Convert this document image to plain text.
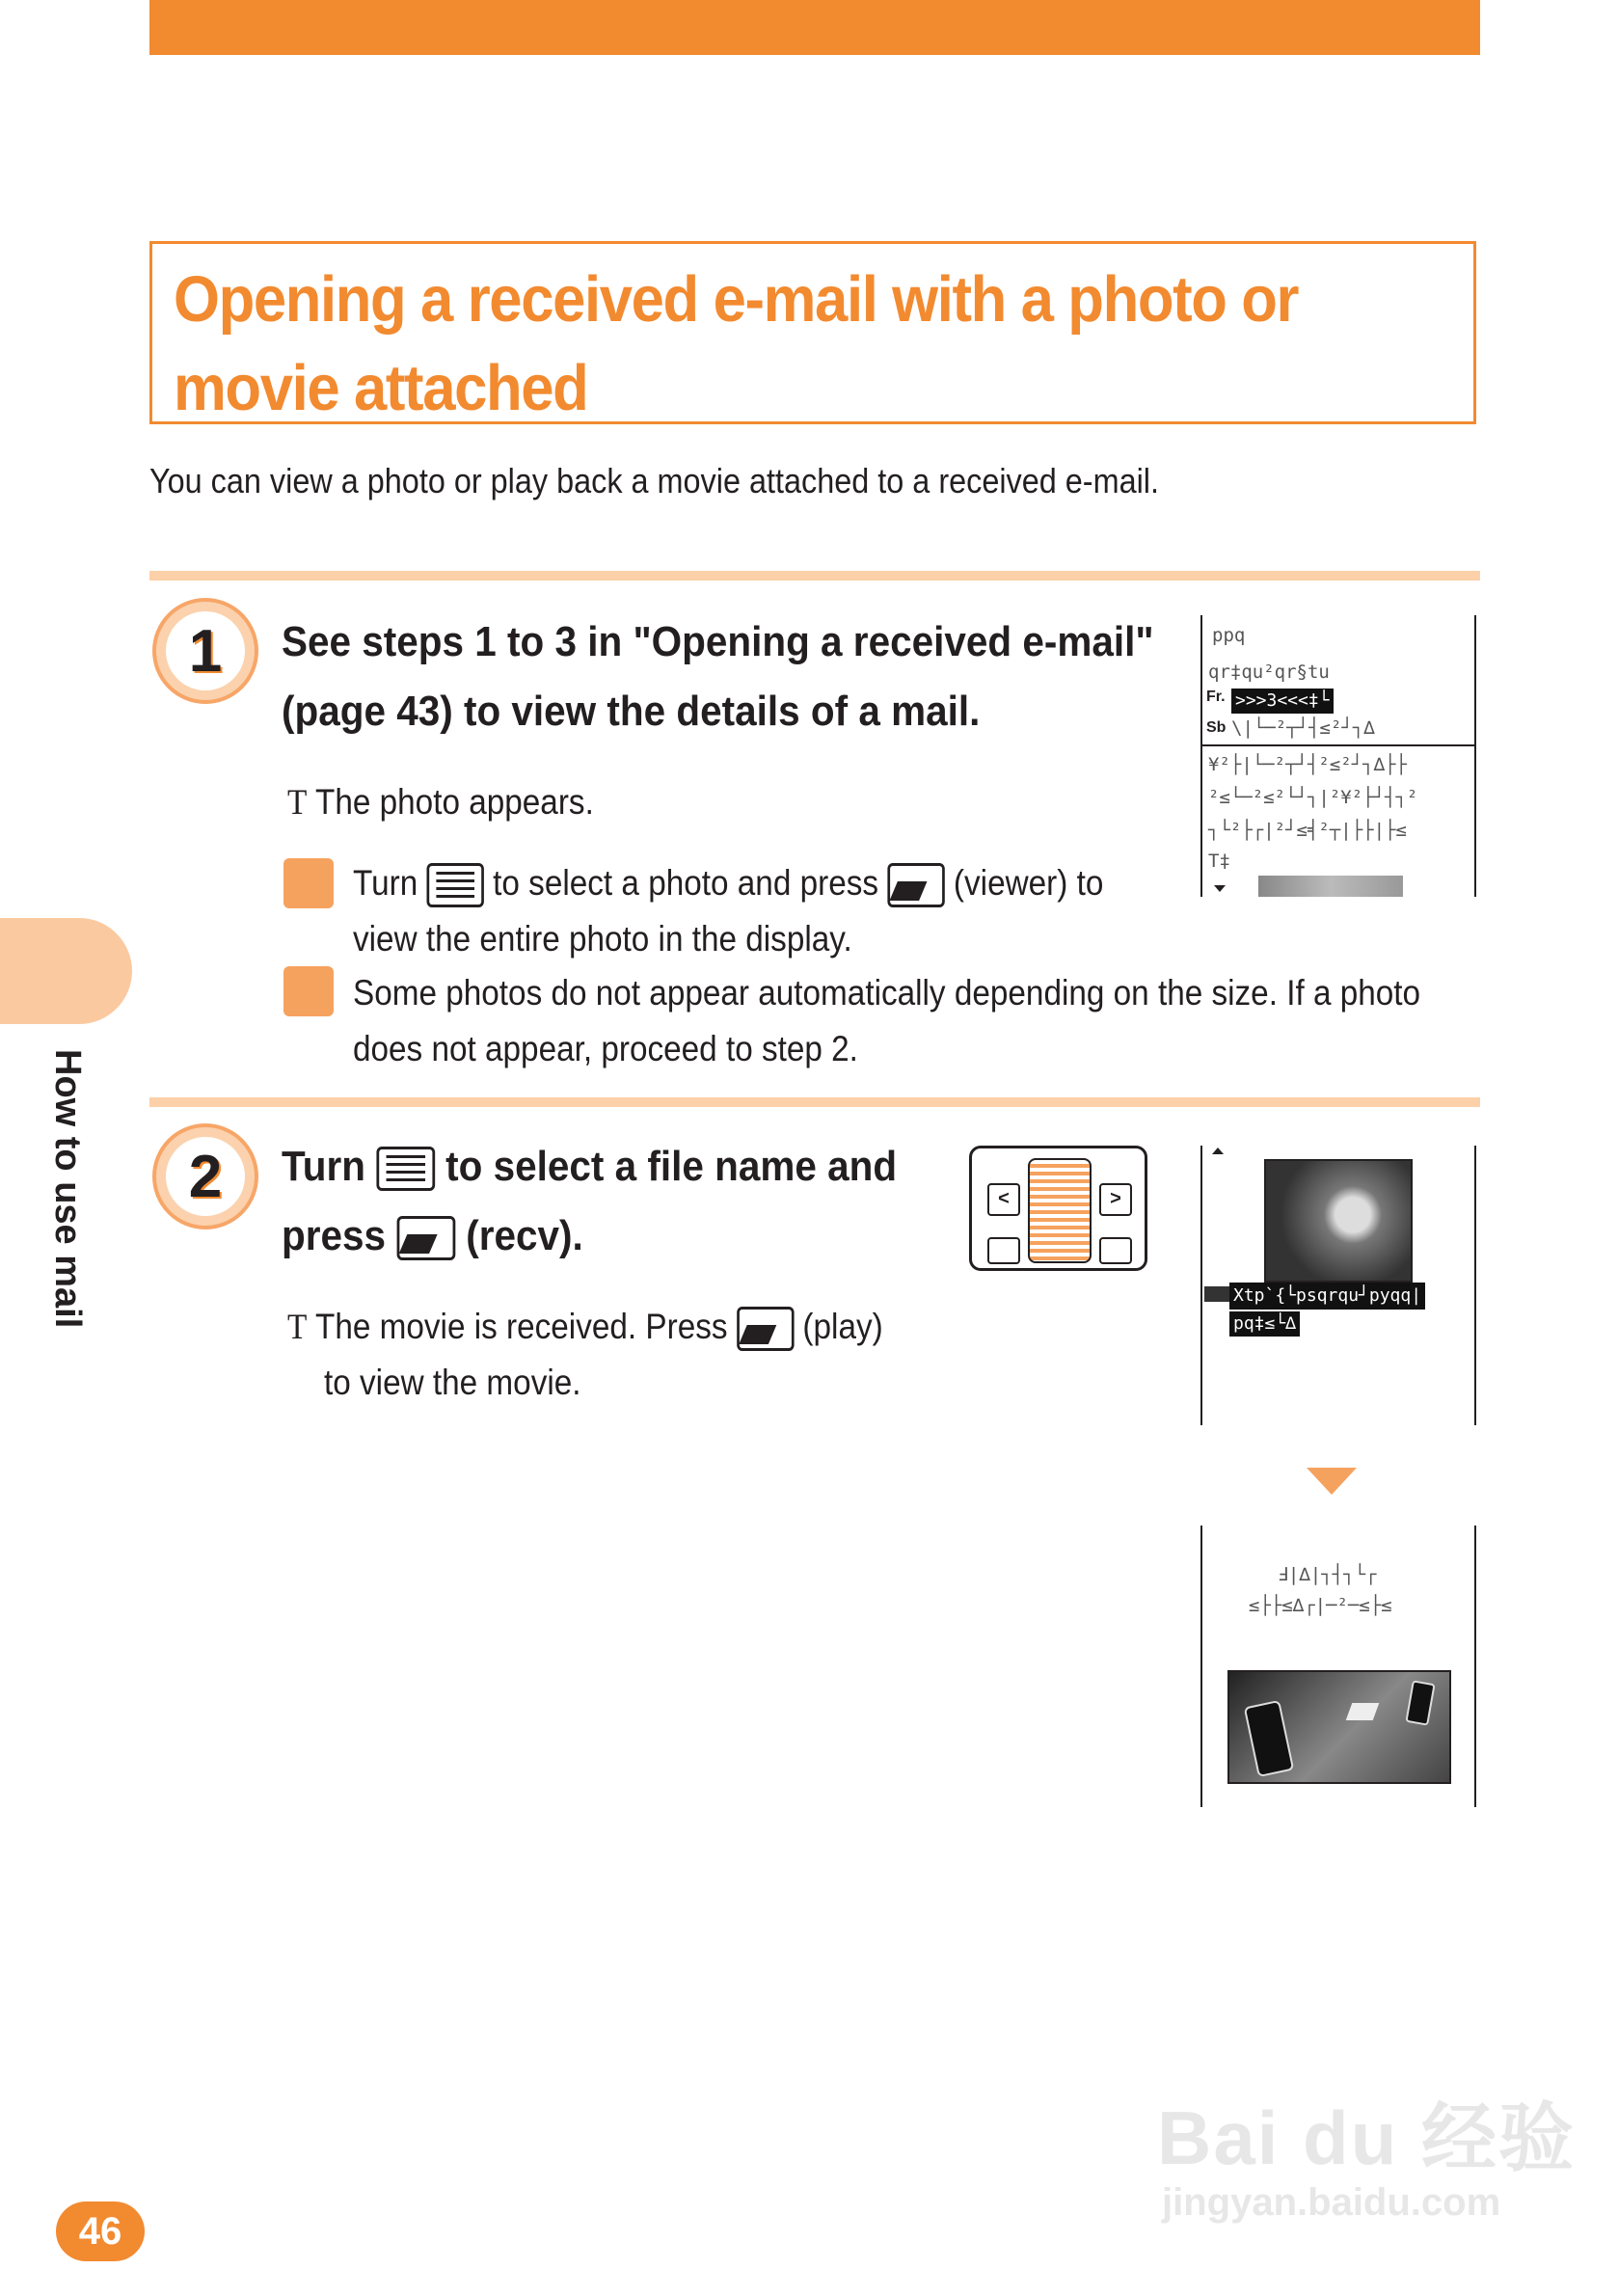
Opening a received e-mail with a photo or movie attached
You can view a photo or play back a movie attached to a received e-mail.
1	See steps 1 to 3 in "Opening a received e-mail"
(page 43) to view the details of a mail.
T The photo appears.
Turn to select a photo and press (viewer) to
view the entire photo in the display.
Some photos do not appear automatically depending on the size. If a photo
does not appear, proceed to step 2.
ppq
qr‡qu²qr§tu
Fr. >>>3<<<‡└
Sb \|└─²┬┘┤≤²┘┐∆
¥²├|└─²┬┘┤²≤²┘┐∆├├
²≤└─²≤²└┘┐|²¥²├┘┤┐²
┐└²├┌|²┘≤╡²┬|├├|├≤
T‡
2	Turn to select a file name and
press (recv).
<	>
T The movie is received. Press (play)
to view the movie.
Xtp`{└psqrqu┘pyqq|
pq‡≤└∆
Ⅎ|∆|┐┤┐└┌
≤├├≤∆┌|─²─≤├≤
How to use mail
46
Bai du 经验
jingyan.baidu.com
